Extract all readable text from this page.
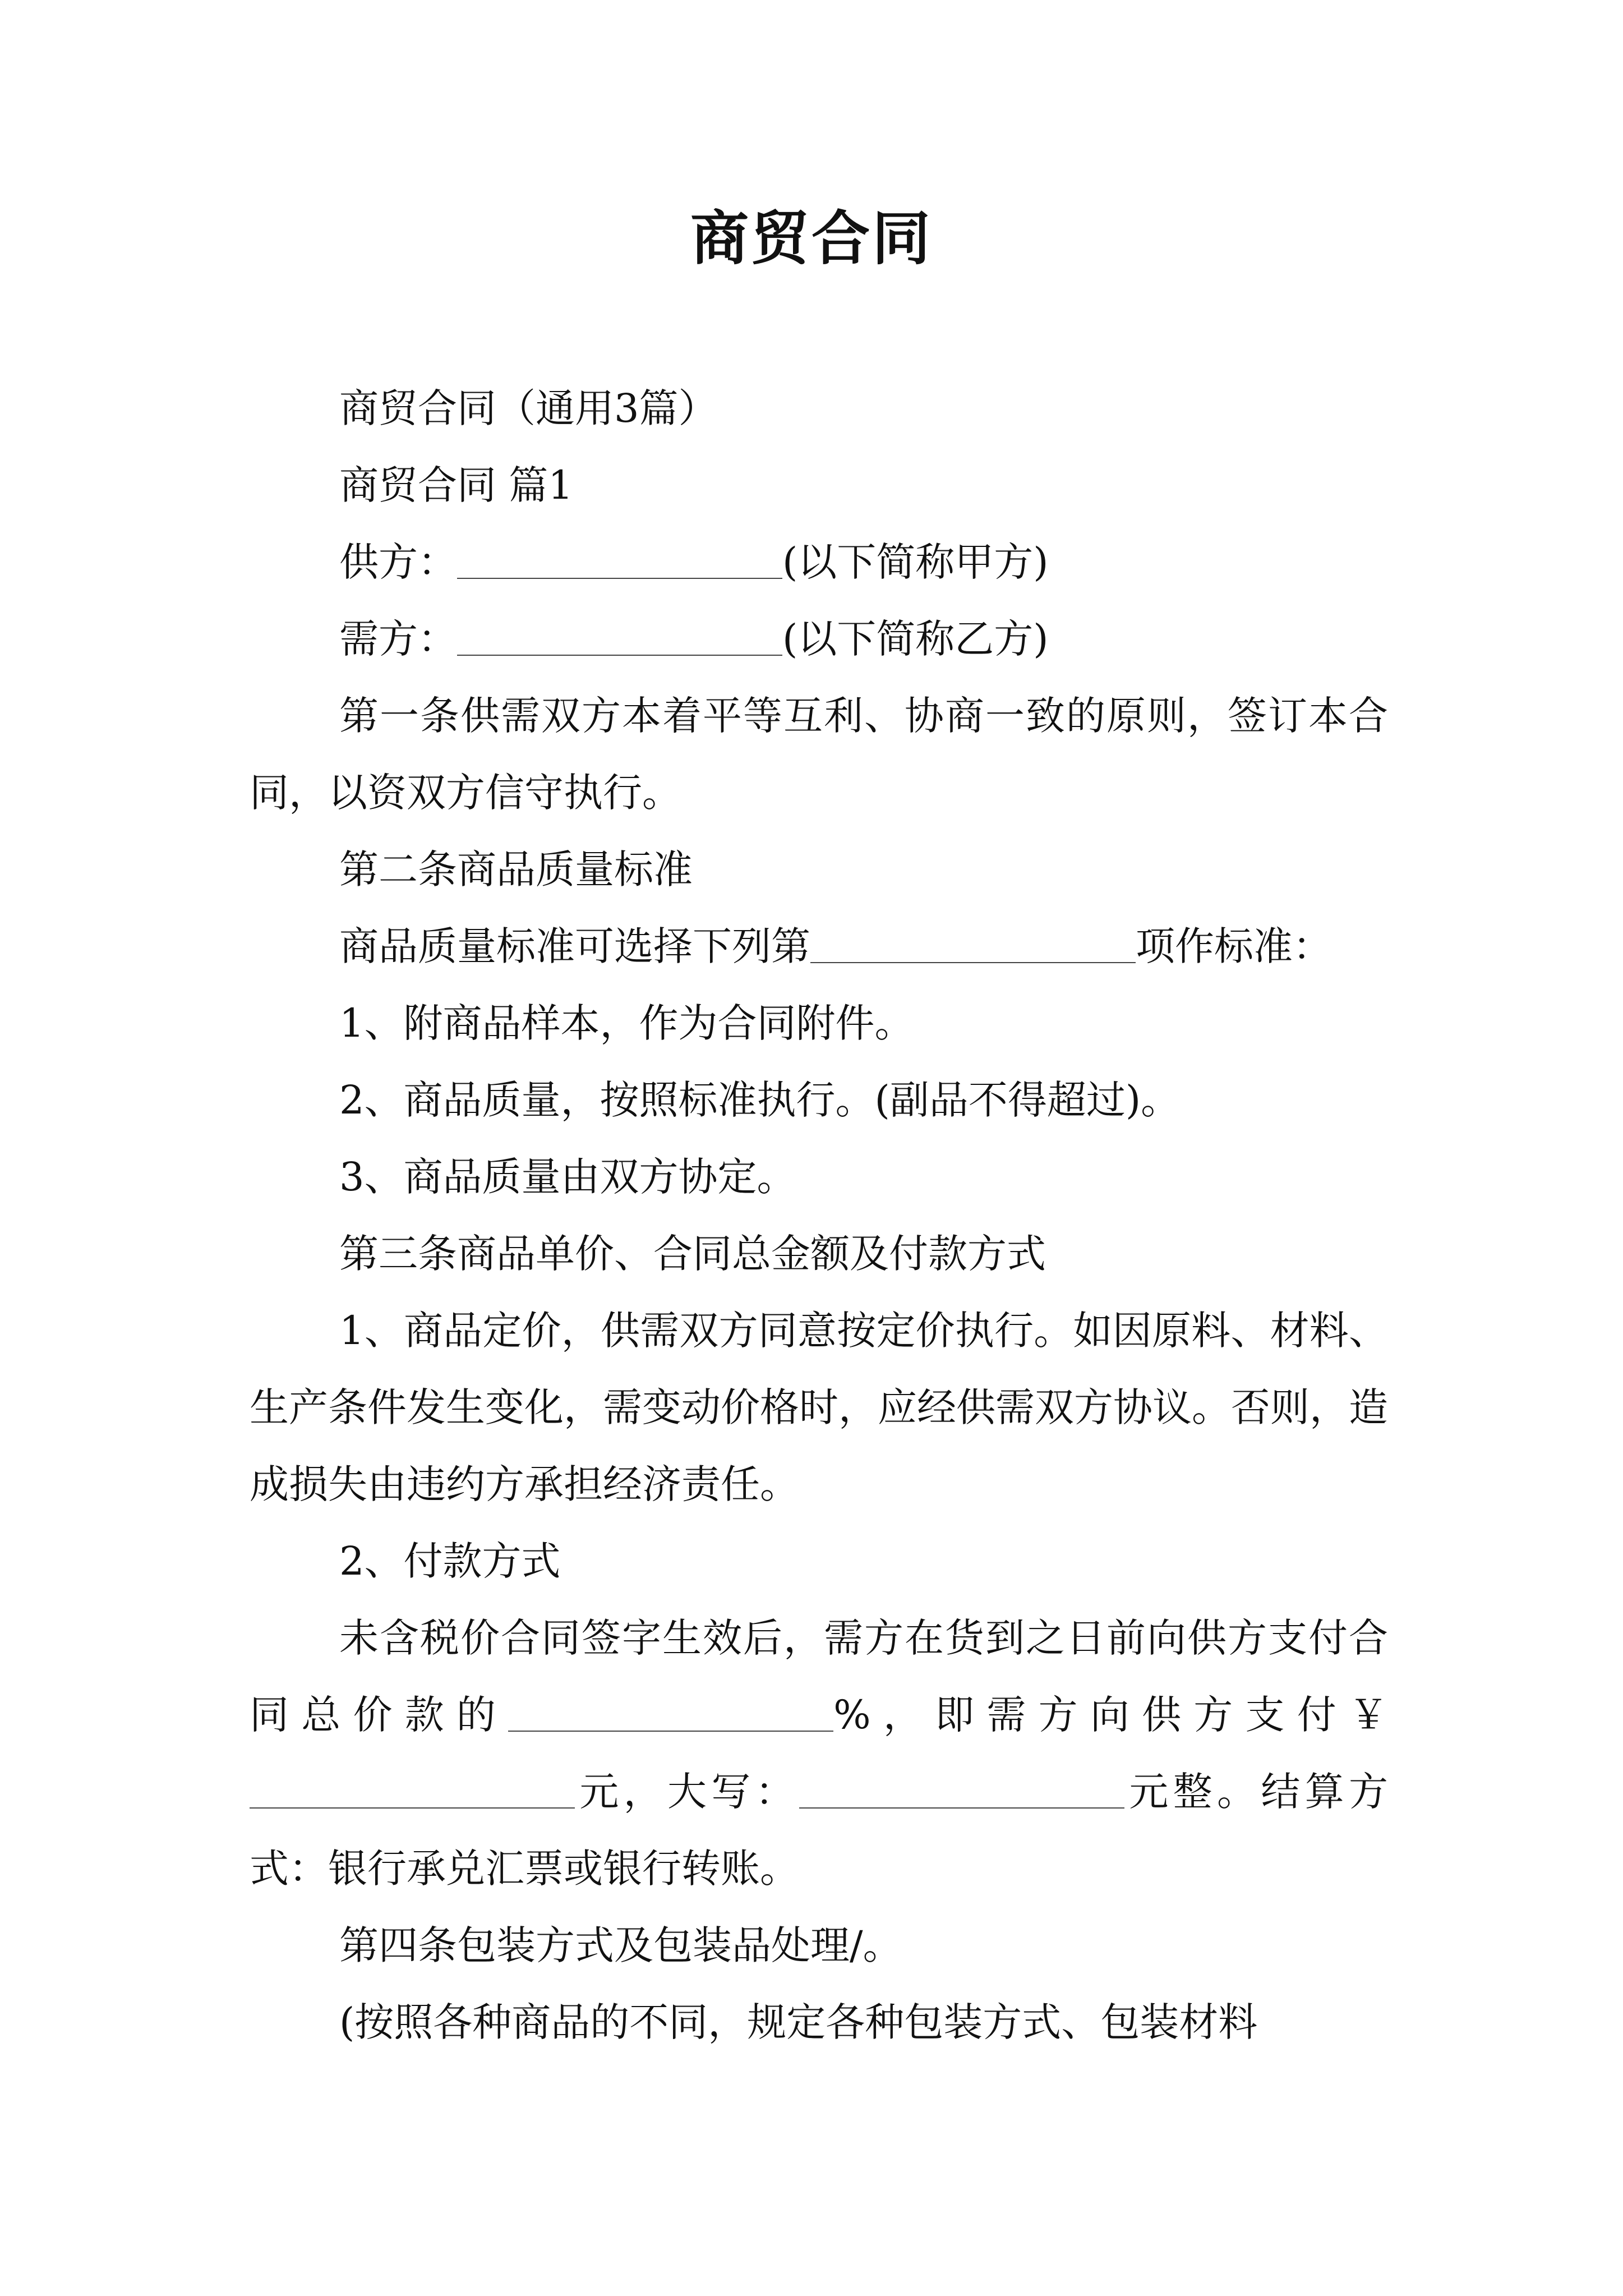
商贸合同

商贸合同（通用3篇）

商贸合同 篇1

供方：	(以下简称甲方)

需方：	(以下简称乙方)

第一条供需双方本着平等互利、协商一致的原则，签订本合同，以资双方信守执行。

第二条商品质量标准

商品质量标准可选择下列第	项作标准：

1、附商品样本，作为合同附件。

2、商品质量，按照标准执行。(副品不得超过)。

3、商品质量由双方协定。

第三条商品单价、合同总金额及付款方式

1、商品定价，供需双方同意按定价执行。如因原料、材料、生产条件发生变化，需变动价格时，应经供需双方协议。否则，造成损失由违约方承担经济责任。

2、付款方式

未含税价合同签字生效后，需方在货到之日前向供方支付合同总价款的	%，即需方向供方支付￥元，大写：	元整。结算方式：银行承兑汇票或银行转账。

第四条包装方式及包装品处理/。

(按照各种商品的不同，规定各种包装方式、包装材料
